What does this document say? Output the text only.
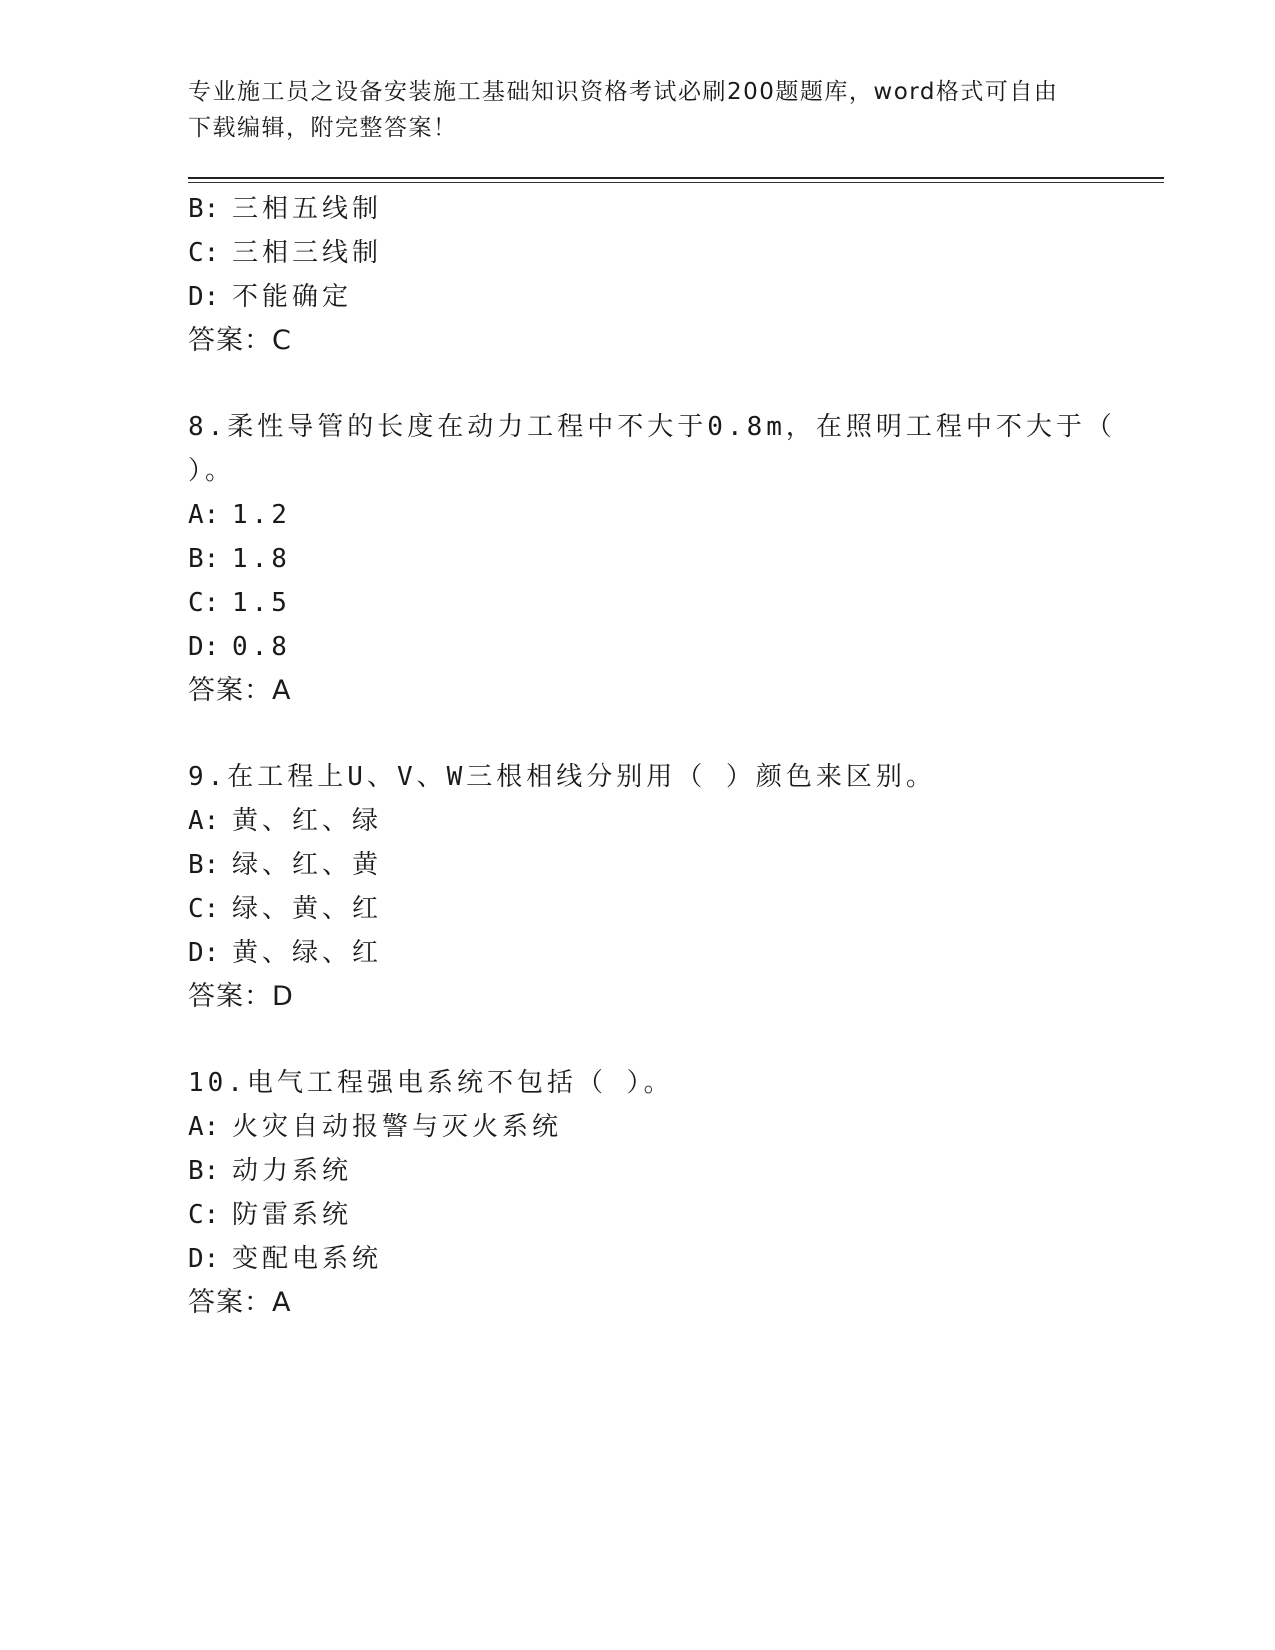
专业施工员之设备安装施工基础知识资格考试必刷200题题库，word格式可自由
下载编辑，附完整答案！
B: 三相五线制
C: 三相三线制
D: 不能确定
答案：C
8.柔性导管的长度在动力工程中不大于0.8m，在照明工程中不大于（
）。
A: 1.2
B: 1.8
C: 1.5
D: 0.8
答案：A
9.在工程上U、V、W三根相线分别用（ ）颜色来区别。
A: 黄、红、绿
B: 绿、红、黄
C: 绿、黄、红
D: 黄、绿、红
答案：D
10.电气工程强电系统不包括（ ）。
A: 火灾自动报警与灭火系统
B: 动力系统
C: 防雷系统
D: 变配电系统
答案：A
